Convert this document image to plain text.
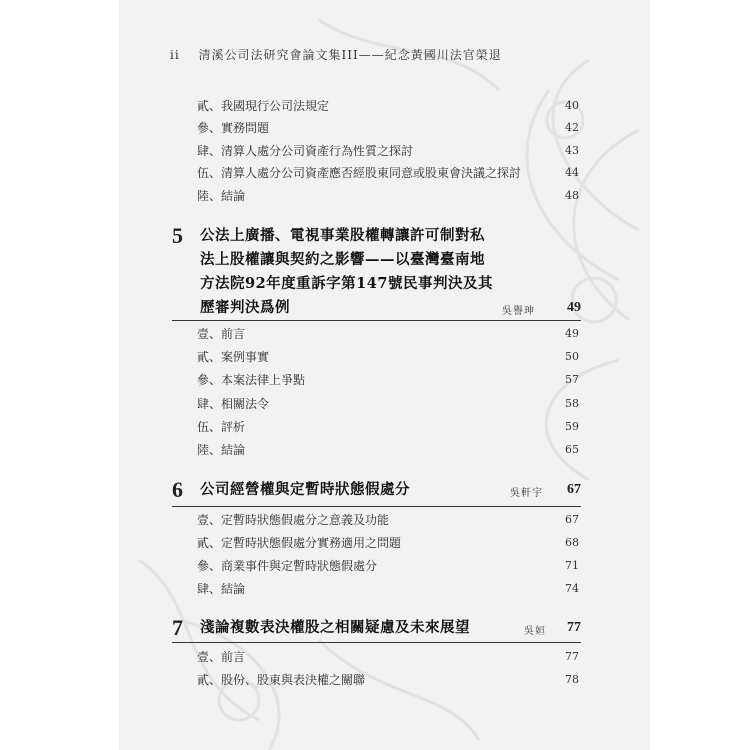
ii 清溪公司法研究會論文集III——紀念黃國川法官榮退
貳、我國現行公司法規定	40
參、實務問題	42
肆、清算人處分公司資產行為性質之探討	43
伍、清算人處分公司資產應否經股東同意或股東會決議之探討	44
陸、結論	48
5 公法上廣播、電視事業股權轉讓許可制對私
法上股權讓與契約之影響——以臺灣臺南地
方法院92年度重訴字第147號民事判決及其
歷審判決爲例	吳譽珅 49
壹、前言	49
貳、案例事實	50
參、本案法律上爭點	57
肆、相關法令	58
伍、評析	59
陸、結論	65
6 公司經營權與定暫時狀態假處分	吳軒宇 67
壹、定暫時狀態假處分之意義及功能	67
貳、定暫時狀態假處分實務適用之問題	68
參、商業事件與定暫時狀態假處分	71
肆、結論	74
7 淺論複數表決權股之相關疑慮及未來展望	吳姮 77
壹、前言	77
貳、股份、股東與表決權之關聯	78
